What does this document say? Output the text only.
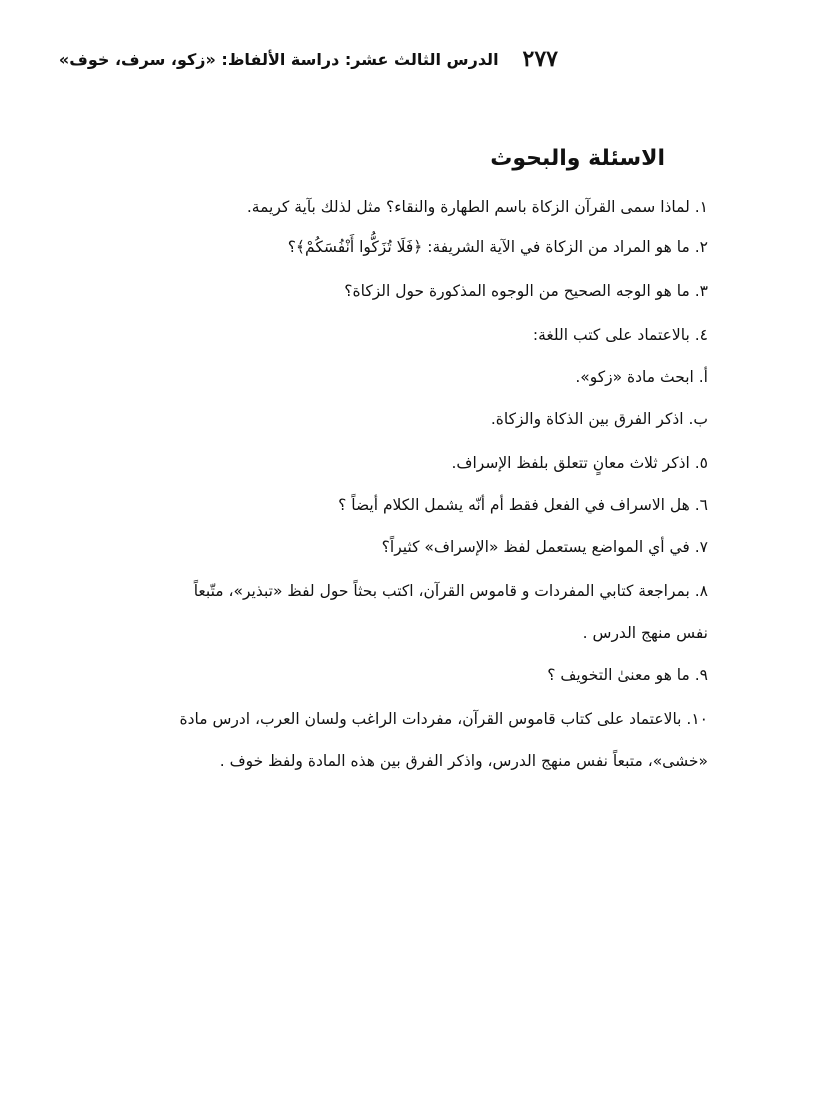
٢٧٧
الدرس الثالث عشر: دراسة الألفاظ: «زكو، سرف، خوف»
الاسئلة والبحوث
١. لماذا سمى القرآن الزكاة باسم الطهارة والنقاء؟ مثل لذلك بآية كريمة.
٢. ما هو المراد من الزكاة في الآية الشريفة: ﴿فَلَا تُزَكُّوا أَنْفُسَكُمْ﴾؟
٣. ما هو الوجه الصحيح من الوجوه المذكورة حول الزكاة؟
٤. بالاعتماد على كتب اللغة:
أ. ابحث مادة «زكو».
ب. اذكر الفرق بين الذكاة والزكاة.
٥. اذكر ثلاث معانٍ تتعلق بلفظ الإسراف.
٦. هل الاسراف في الفعل فقط أم أنّه يشمل الكلام أيضاً ؟
٧. في أي المواضع يستعمل لفظ «الإسراف» كثيراً؟
٨. بمراجعة كتابي المفردات و قاموس القرآن، اكتب بحثاً حول لفظ «تبذير»، متّبعاً
نفس منهج الدرس .
٩. ما هو معنىٰ التخويف ؟
١٠. بالاعتماد على كتاب قاموس القرآن، مفردات الراغب ولسان العرب، ادرس مادة
«خشى»، متبعاً نفس منهج الدرس، واذكر الفرق بين هذه المادة ولفظ خوف .
